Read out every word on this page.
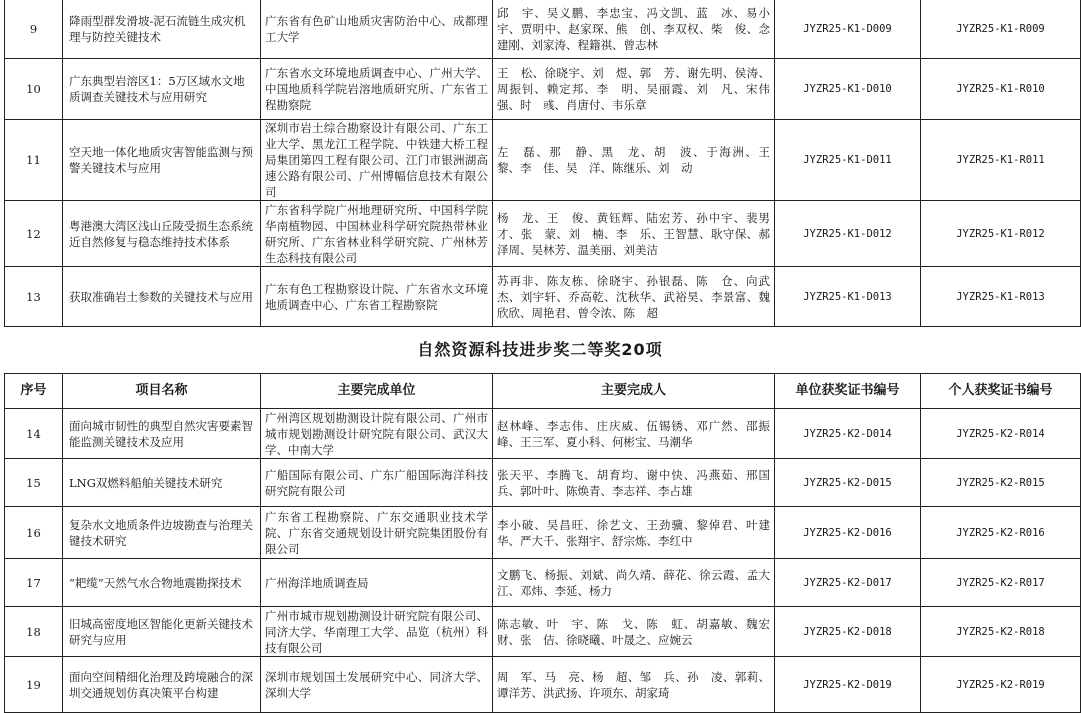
9	降雨型群发滑坡-泥石流链生成灾机理与防控关键技术	广东省有色矿山地质灾害防治中心、成都理工大学	邱　宇、吴义鹏、李忠宝、冯文凯、蓝　冰、易小宇、贾明中、赵家琛、熊　创、李双权、柴　俊、念建刚、刘家涛、程籍祺、曾志林	JYZR25-K1-D009	JYZR25-K1-R009
10	广东典型岩溶区1：5万区域水文地质调查关键技术与应用研究	广东省水文环境地质调查中心、广州大学、中国地质科学院岩溶地质研究所、广东省工程勘察院	王　松、徐晓宇、刘　煜、郭　芳、谢先明、侯涛、周振钊、赖定邦、李　明、吴丽霞、刘　凡、宋伟强、时　彧、肖唐付、韦乐章	JYZR25-K1-D010	JYZR25-K1-R010
11	空天地一体化地质灾害智能监测与预警关键技术与应用	深圳市岩土综合勘察设计有限公司、广东工业大学、黑龙江工程学院、中铁建大桥工程局集团第四工程有限公司、江门市银洲湖高速公路有限公司、广州博幅信息技术有限公司	左　磊、那　静、黑　龙、胡　波、于海洲、王　黎、李　佳、吴　洋、陈继乐、刘　动	JYZR25-K1-D011	JYZR25-K1-R011
12	粤港澳大湾区浅山丘陵受损生态系统近自然修复与稳态维持技术体系	广东省科学院广州地理研究所、中国科学院华南植物园、中国林业科学研究院热带林业研究所、广东省林业科学研究院、广州林芳生态科技有限公司	杨　龙、王　俊、黄钰辉、陆宏芳、孙中宇、裴男才、张　蒙、刘　楠、李　乐、王智慧、耿守保、郝泽周、吴林芳、温美丽、刘美洁	JYZR25-K1-D012	JYZR25-K1-R012
13	获取准确岩土参数的关键技术与应用	广东有色工程勘察设计院、广东省水文环境地质调查中心、广东省工程勘察院	苏再非、陈友栋、徐晓宇、孙银磊、陈　仓、向武杰、刘宇轩、乔高乾、沈秋华、武裕昊、李景富、魏欣欣、周艳君、曾令浓、陈　超	JYZR25-K1-D013	JYZR25-K1-R013
自然资源科技进步奖二等奖20项
序号	项目名称	主要完成单位	主要完成人	单位获奖证书编号	个人获奖证书编号
14	面向城市韧性的典型自然灾害要素智能监测关键技术及应用	广州湾区规划勘测设计院有限公司、广州市城市规划勘测设计研究院有限公司、武汉大学、中南大学	赵林峰、李志伟、庄庆威、伍锡锈、邓广然、邵振峰、王三军、夏小科、何彬宝、马潮华	JYZR25-K2-D014	JYZR25-K2-R014
15	LNG双燃料船舶关键技术研究	广船国际有限公司、广东广船国际海洋科技研究院有限公司	张天平、李腾飞、胡育均、谢中快、冯燕茹、邢国兵、郭叶叶、陈焕青、李志祥、李占雄	JYZR25-K2-D015	JYZR25-K2-R015
16	复杂水文地质条件边坡勘查与治理关键技术研究	广东省工程勘察院、广东交通职业技术学院、广东省交通规划设计研究院集团股份有限公司	李小破、吴昌旺、徐艺文、王劲骥、黎倬君、叶建华、严大千、张翔宇、舒宗炼、李红中	JYZR25-K2-D016	JYZR25-K2-R016
17	“耙缆”天然气水合物地震勘探技术	广州海洋地质调查局	文鹏飞、杨振、刘斌、尚久靖、薛花、徐云霞、孟大江、邓炜、李延、杨力	JYZR25-K2-D017	JYZR25-K2-R017
18	旧城高密度地区智能化更新关键技术研究与应用	广州市城市规划勘测设计研究院有限公司、同济大学、华南理工大学、品览（杭州）科技有限公司	陈志敏、叶　宇、陈　戈、陈　虹、胡嘉敏、魏宏财、张　佶、徐晓曦、叶晟之、应婉云	JYZR25-K2-D018	JYZR25-K2-R018
19	面向空间精细化治理及跨境融合的深圳交通规划仿真决策平台构建	深圳市规划国土发展研究中心、同济大学、深圳大学	周　军、马　亮、杨　超、邹　兵、孙　凌、郭莉、谭洋芳、洪武扬、许项东、胡家琦	JYZR25-K2-D019	JYZR25-K2-R019
